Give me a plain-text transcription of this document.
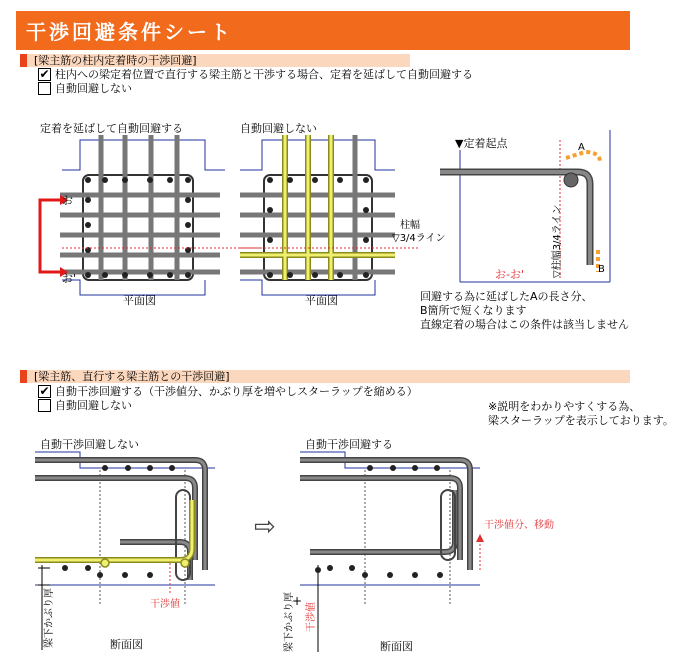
干渉回避条件シート
[梁主筋の柱内定着時の干渉回避]
✔ 柱内への梁定着位置で直行する梁主筋と干渉する場合、定着を延ばして自動回避する
自動回避しない
定着を延ばして自動回避する
お
お'
平面図
自動回避しない
柱幅
▽3/4ライン
平面図
▼定着起点	A
B
お-お'	▽柱幅3/4ライン
回避する為に延ばしたAの長さ分、
B箇所で短くなります
直線定着の場合はこの条件は該当しません
[梁主筋、直行する梁主筋との干渉回避]
✔ 自動干渉回避する（干渉値分、かぶり厚を増やしスターラップを縮める）
自動回避しない	※説明をわかりやすくする為、
梁スターラップを表示しております。
自動干渉回避しない
干渉値
梁下かぶり厚	断面図
⇨
自動干渉回避する
干渉値分、移動
梁下かぶり厚
+
干渉値
断面図
